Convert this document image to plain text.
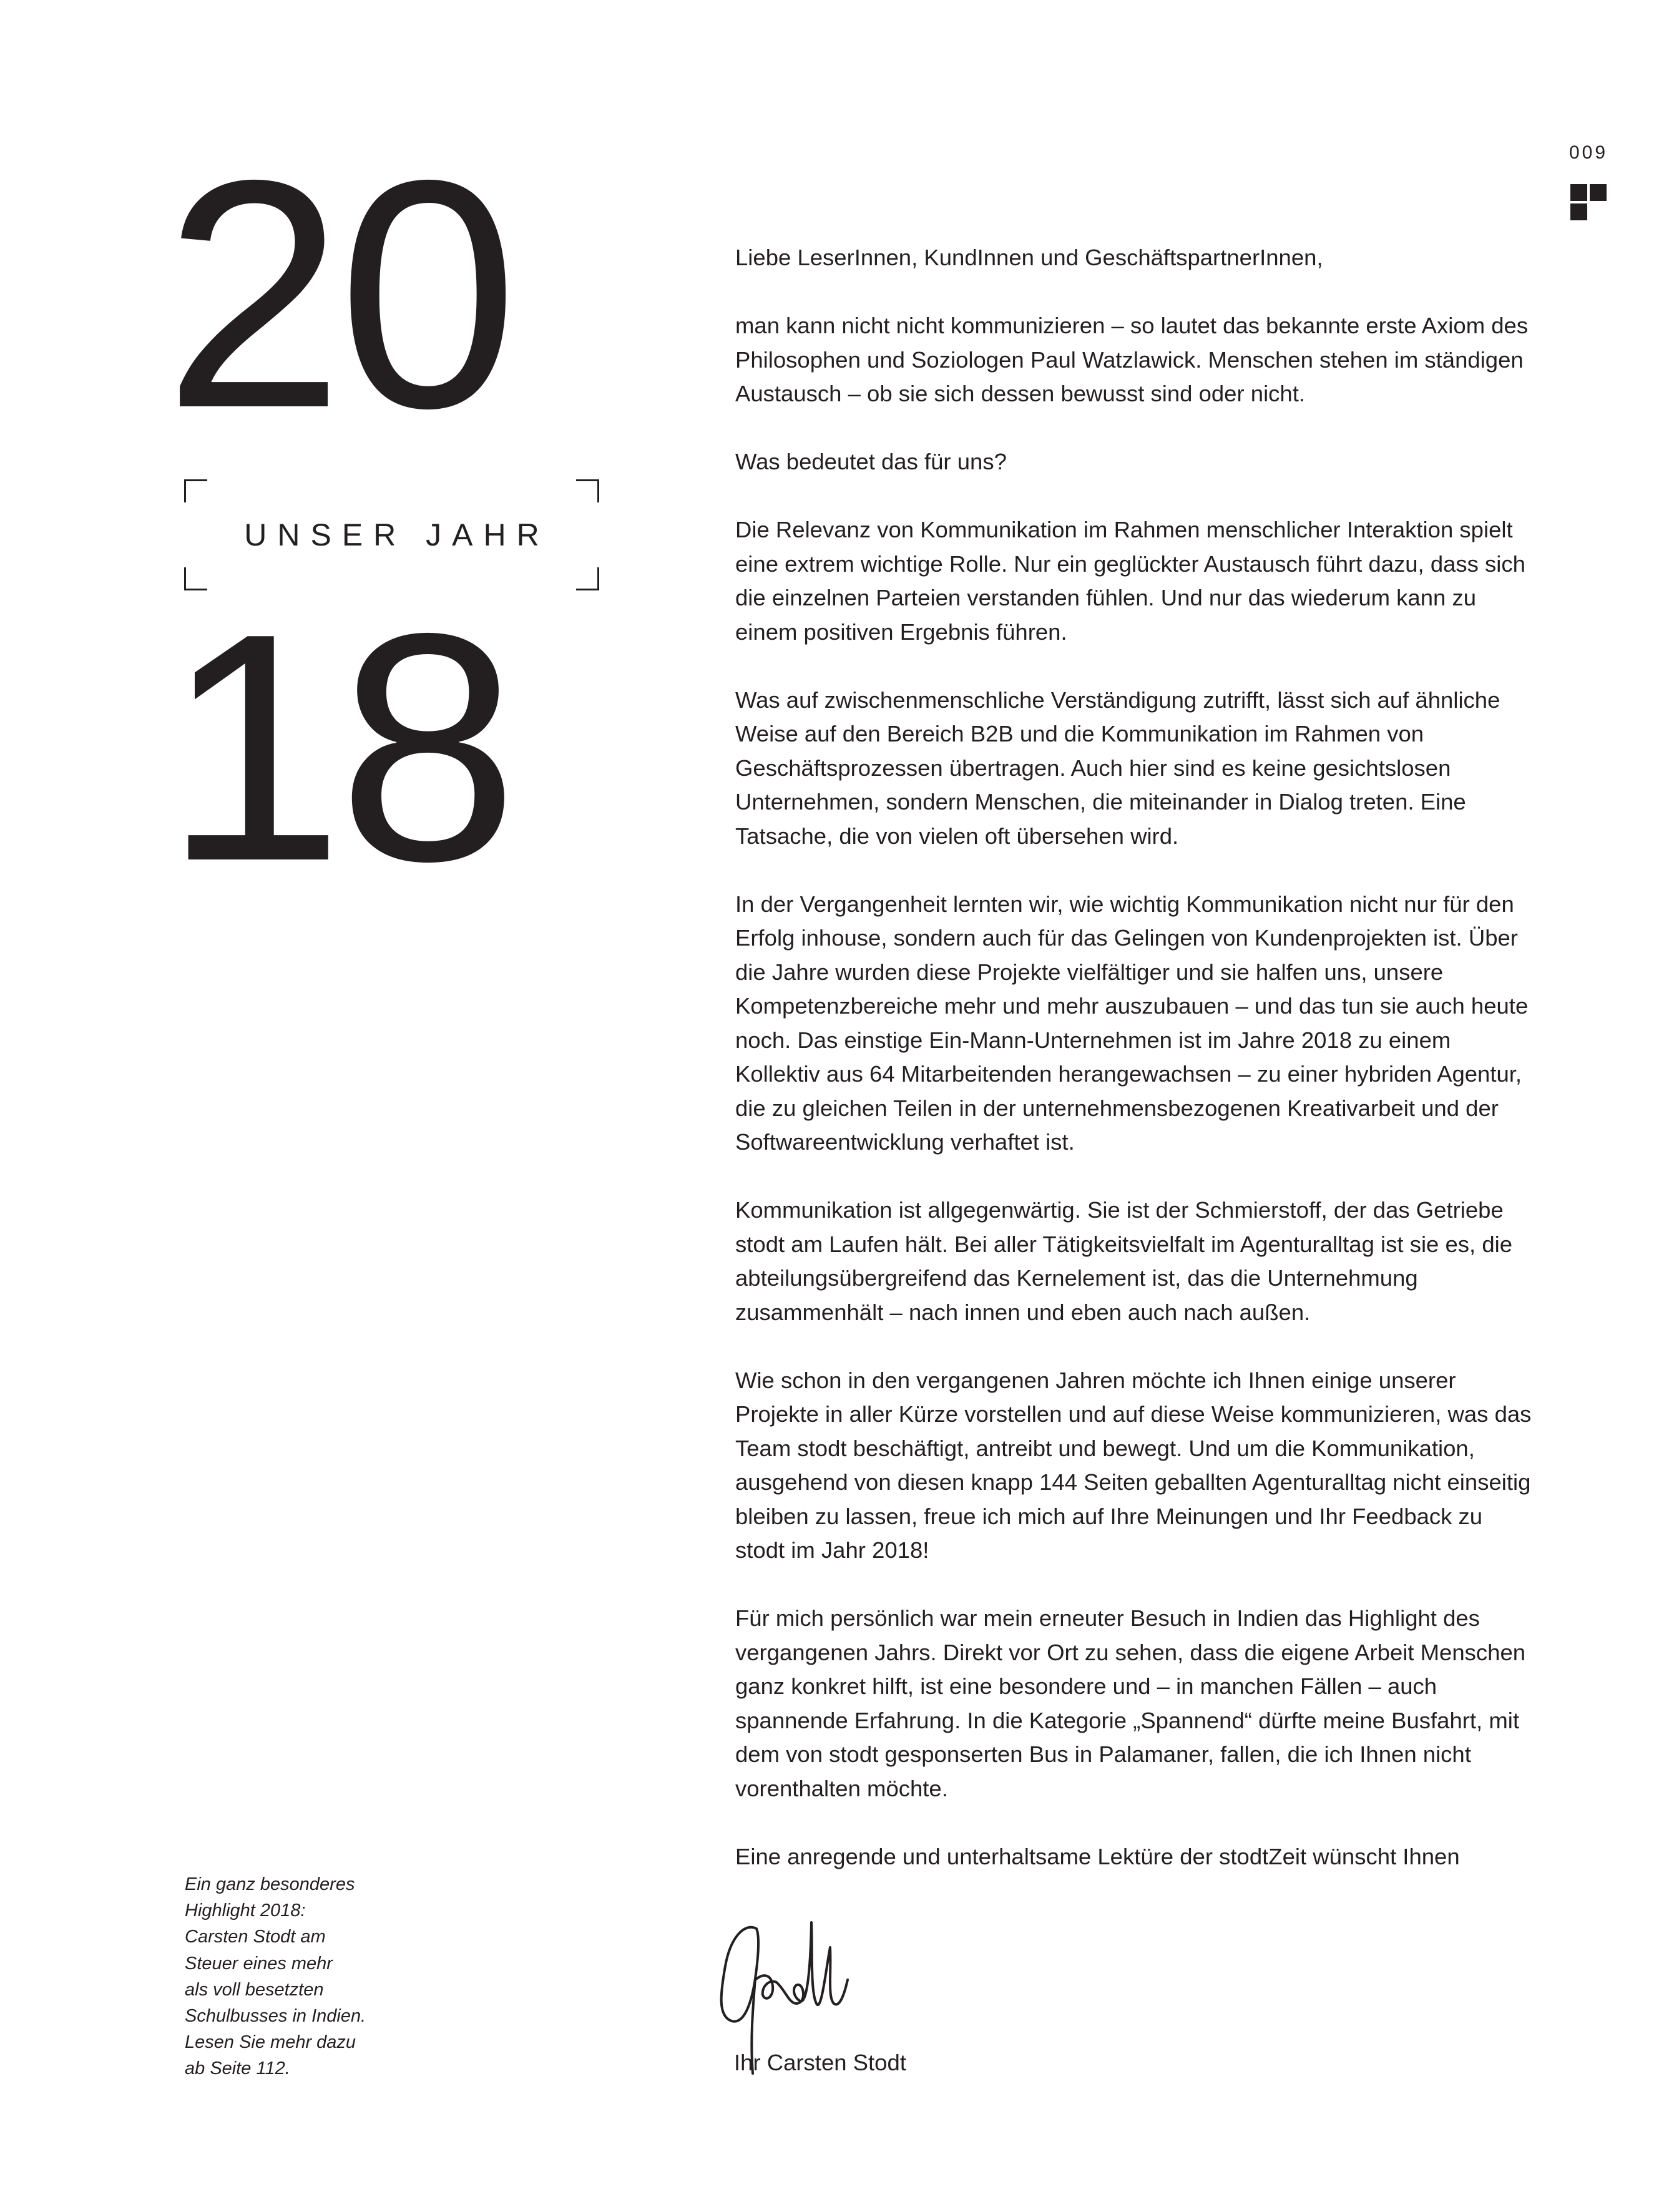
009
20
UNSER JAHR
18

Liebe LeserInnen, KundInnen und GeschäftspartnerInnen,

man kann nicht nicht kommunizieren – so lautet das bekannte erste Axiom des Philosophen und Soziologen Paul Watzlawick. Menschen stehen im ständigen Austausch – ob sie sich dessen bewusst sind oder nicht.

Was bedeutet das für uns?

Die Relevanz von Kommunikation im Rahmen menschlicher Interaktion spielt eine extrem wichtige Rolle. Nur ein geglückter Austausch führt dazu, dass sich die einzelnen Parteien verstanden fühlen. Und nur das wiederum kann zu einem positiven Ergebnis führen.

Was auf zwischenmenschliche Verständigung zutrifft, lässt sich auf ähnliche Weise auf den Bereich B2B und die Kommunikation im Rahmen von Geschäftsprozessen übertragen. Auch hier sind es keine gesichtslosen Unternehmen, sondern Menschen, die miteinander in Dialog treten. Eine Tatsache, die von vielen oft übersehen wird.

In der Vergangenheit lernten wir, wie wichtig Kommunikation nicht nur für den Erfolg inhouse, sondern auch für das Gelingen von Kundenprojekten ist. Über die Jahre wurden diese Projekte vielfältiger und sie halfen uns, unsere Kompetenzbereiche mehr und mehr auszubauen – und das tun sie auch heute noch. Das einstige Ein-Mann-Unternehmen ist im Jahre 2018 zu einem Kollektiv aus 64 Mitarbeitenden herangewachsen – zu einer hybriden Agentur, die zu gleichen Teilen in der unternehmensbezogenen Kreativarbeit und der Softwareentwicklung verhaftet ist.

Kommunikation ist allgegenwärtig. Sie ist der Schmierstoff, der das Getriebe stodt am Laufen hält. Bei aller Tätigkeitsvielfalt im Agenturalltag ist sie es, die abteilungsübergreifend das Kernelement ist, das die Unternehmung zusammenhält – nach innen und eben auch nach außen.

Wie schon in den vergangenen Jahren möchte ich Ihnen einige unserer Projekte in aller Kürze vorstellen und auf diese Weise kommunizieren, was das Team stodt beschäftigt, antreibt und bewegt. Und um die Kommunikation, ausgehend von diesen knapp 144 Seiten geballten Agenturalltag nicht einseitig bleiben zu lassen, freue ich mich auf Ihre Meinungen und Ihr Feedback zu stodt im Jahr 2018!

Für mich persönlich war mein erneuter Besuch in Indien das Highlight des vergangenen Jahrs. Direkt vor Ort zu sehen, dass die eigene Arbeit Menschen ganz konkret hilft, ist eine besondere und – in manchen Fällen – auch spannende Erfahrung. In die Kategorie „Spannend“ dürfte meine Busfahrt, mit dem von stodt gesponserten Bus in Palamaner, fallen, die ich Ihnen nicht vorenthalten möchte.

Eine anregende und unterhaltsame Lektüre der stodtZeit wünscht Ihnen

Ein ganz besonderes
Highlight 2018:
Carsten Stodt am
Steuer eines mehr
als voll besetzten
Schulbusses in Indien.
Lesen Sie mehr dazu
ab Seite 112.	Ihr Carsten Stodt
